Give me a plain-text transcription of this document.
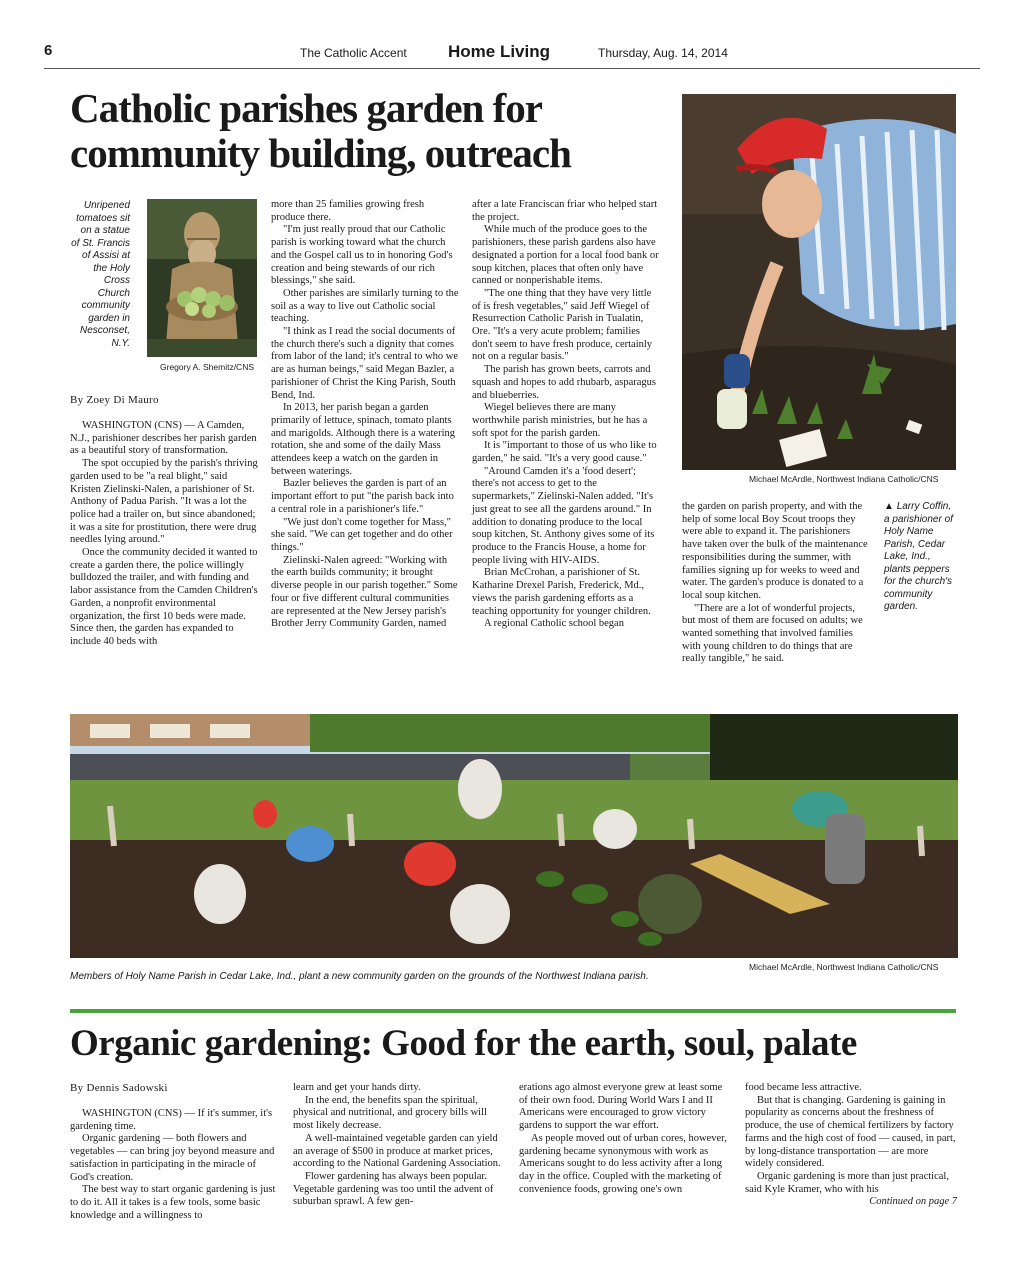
6	The Catholic Accent Home Living	Thursday, Aug. 14, 2014
Catholic parishes garden for community building, outreach
Unripened tomatoes sit on a statue of St. Francis of Assisi at the Holy Cross Church community garden in Nesconset, N.Y.
Gregory A. Shemitz/CNS
By Zoey Di Mauro

WASHINGTON (CNS) — A Camden, N.J., parishioner describes her parish garden as a beautiful story of transformation.

The spot occupied by the parish's thriving garden used to be "a real blight," said Kristen Zielinski-Nalen, a parishioner of St. Anthony of Padua Parish. "It was a lot the police had a trailer on, but since abandoned; it was a site for prostitution, there were drug needles lying around."

Once the community decided it wanted to create a garden there, the police willingly bulldozed the trailer, and with funding and labor assistance from the Camden Children's Garden, a nonprofit environmental organization, the first 10 beds were made. Since then, the garden has expanded to include 40 beds with

more than 25 families growing fresh produce there.

"I'm just really proud that our Catholic parish is working toward what the church and the Gospel call us to in honoring God's creation and being stewards of our rich blessings," she said.

Other parishes are similarly turning to the soil as a way to live out Catholic social teaching.

"I think as I read the social documents of the church there's such a dignity that comes from labor of the land; it's central to who we are as human beings," said Megan Bazler, a parishioner of Christ the King Parish, South Bend, Ind.

In 2013, her parish began a garden primarily of lettuce, spinach, tomato plants and marigolds. Although there is a watering rotation, she and some of the daily Mass attendees keep a watch on the garden in between waterings.

Bazler believes the garden is part of an important effort to put "the parish back into a central role in a parishioner's life."

"We just don't come together for Mass," she said. "We can get together and do other things."

Zielinski-Nalen agreed: "Working with the earth builds community; it brought diverse people in our parish together." Some four or five different cultural communities are represented at the New Jersey parish's Brother Jerry Community Garden, named

after a late Franciscan friar who helped start the project.

While much of the produce goes to the parishioners, these parish gardens also have designated a portion for a local food bank or soup kitchen, places that often only have canned or nonperishable items.

"The one thing that they have very little of is fresh vegetables," said Jeff Wiegel of Resurrection Catholic Parish in Tualatin, Ore. "It's a very acute problem; families don't seem to have fresh produce, certainly not on a regular basis."

The parish has grown beets, carrots and squash and hopes to add rhubarb, asparagus and blueberries.

Wiegel believes there are many worthwhile parish ministries, but he has a soft spot for the parish garden.

It is "important to those of us who like to garden," he said. "It's a very good cause."

"Around Camden it's a 'food desert'; there's not access to get to the supermarkets," Zielinski-Nalen added. "It's just great to see all the gardens around." In addition to donating produce to the local soup kitchen, St. Anthony gives some of its produce to the Francis House, a home for people living with HIV-AIDS.

Brian McCrohan, a parishioner of St. Katharine Drexel Parish, Frederick, Md., views the parish gardening efforts as a teaching opportunity for younger children.

A regional Catholic school began

Michael McArdle, Northwest Indiana Catholic/CNS

the garden on parish property, and with the help of some local Boy Scout troops they were able to expand it. The parishioners have taken over the bulk of the maintenance responsibilities during the summer, with families signing up for weeks to weed and water. The garden's produce is donated to a local soup kitchen.

"There are a lot of wonderful projects, but most of them are focused on adults; we wanted something that involved families with young children to do things that are really tangible," he said.

▲ Larry Coffin, a parishioner of Holy Name Parish, Cedar Lake, Ind., plants peppers for the church's community garden.
Michael McArdle, Northwest Indiana Catholic/CNS
Members of Holy Name Parish in Cedar Lake, Ind., plant a new community garden on the grounds of the Northwest Indiana parish.
Organic gardening: Good for the earth, soul, palate
By Dennis Sadowski

WASHINGTON (CNS) — If it's summer, it's gardening time.

Organic gardening — both flowers and vegetables — can bring joy beyond measure and satisfaction in participating in the miracle of God's creation.

The best way to start organic gardening is just to do it. All it takes is a few tools, some basic knowledge and a willingness to

learn and get your hands dirty.

In the end, the benefits span the spiritual, physical and nutritional, and grocery bills will most likely decrease.

A well-maintained vegetable garden can yield an average of $500 in produce at market prices, according to the National Gardening Association.

Flower gardening has always been popular. Vegetable gardening was too until the advent of suburban sprawl. A few gen-

erations ago almost everyone grew at least some of their own food. During World Wars I and II Americans were encouraged to grow victory gardens to support the war effort.

As people moved out of urban cores, however, gardening became synonymous with work as Americans sought to do less activity after a long day in the office. Coupled with the marketing of convenience foods, growing one's own

food became less attractive.

But that is changing. Gardening is gaining in popularity as concerns about the freshness of produce, the use of chemical fertilizers by factory farms and the high cost of food — caused, in part, by long-distance transportation — are more widely considered.

Organic gardening is more than just practical, said Kyle Kramer, who with his

Continued on page 7
